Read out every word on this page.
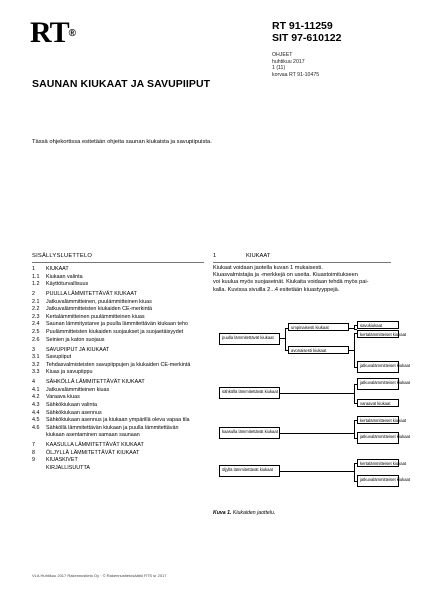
RT®
RT 91-11259
SIT 97-610122
OHJEET
huhtikuu 2017
1 (11)
korvaa RT 91-10475
SAUNAN KIUKAAT JA SAVUPIIPUT
Tässä ohjekortissa esitetään ohjeita saunan kiukaista ja savupiipuista.
SISÄLLYSLUETTELO
1	KIUKAAT
1.1	Kiukaan valinta
1.2	Käyttöturvallisuus
2	PUULLA LÄMMITETTÄVÄT KIUKAAT
2.1	Jatkuvalämmitteinen, puulämmitteinen kiuas
2.2	Jatkuvalämmitteisten kiukaiden CE-merkintä
2.3	Kertalämmitteinen puulämmitteinen kiuas
2.4	Saunan lämmitystarve ja puulla lämmitettävän kiukaan teho
2.5	Puulämmitteisten kiukaiden suojaukset ja suojaetäisyydet
2.6	Seinien ja katon suojaus
3	SAVUPIIPUT JA KIUKAAT
3.1	Savupiiput
3.2	Tehdasvalmisteisten savupiippujen ja kiukaiden CE-merkintä
3.3	Kiuas ja savupiippu
4	SÄHKÖLLÄ LÄMMITETTÄVÄT KIUKAAT
4.1	Jatkuvalämmitteinen kiuas
4.2	Varaava kiuas
4.3	Sähkökiukaan valinta
4.4	Sähkökiukaan asennus
4.5	Sähkökiukaan asennus ja kiukaan ympärillä oleva vapaa tila
4.6	Sähköllä lämmitettävän kiukaan ja puulla lämmitettävän
kiukaan asentaminen samaan saunaan
7	KAASULLA LÄMMITETTÄVÄT KIUKAAT
8	ÖLJYLLÄ LÄMMITETTÄVÄT KIUKAAT
9	KIUASKIVET
KIRJALLISUUTTA
1	KIUKAAT
Kiukaat voidaan jaotella kuvan 1 mukaisesti.
Kiuasvalmistajia ja -merkkejä on useita. Kiuastoimitukseen
voi kuulua myös suojaseinät. Kiukaita voidaan tehdä myös pai-
kalla. Kuvissa sivuilla 2...4 esitetään kiuastyyppejä.
puulla lämmitettävät kiukaat
sähköllä lämmitettävät kiukaat
kaasulla lämmitettävät kiukaat
öljyllä lämmitettävät kiukaat
umpinaisesti kiukaat
avonaisesti kiukaat
savukiukaat
kertalämmitteiset kiukaat
jatkuvalämmitteiset kiukaat
jatkuvalämmitteiset kiukaat
varaavat kiukaat
kertalämmitteiset kiukaat
jatkuvalämmitteiset kiukaat
kertalämmitteiset kiukaat
jatkuvalämmitteiset kiukaat
Kuva 1. Kiukaiden jaottelu.
VLA Huhtikuu 2017 Rakennustieto Oy · © Rakennustietosäätiö RTS sr 2017
